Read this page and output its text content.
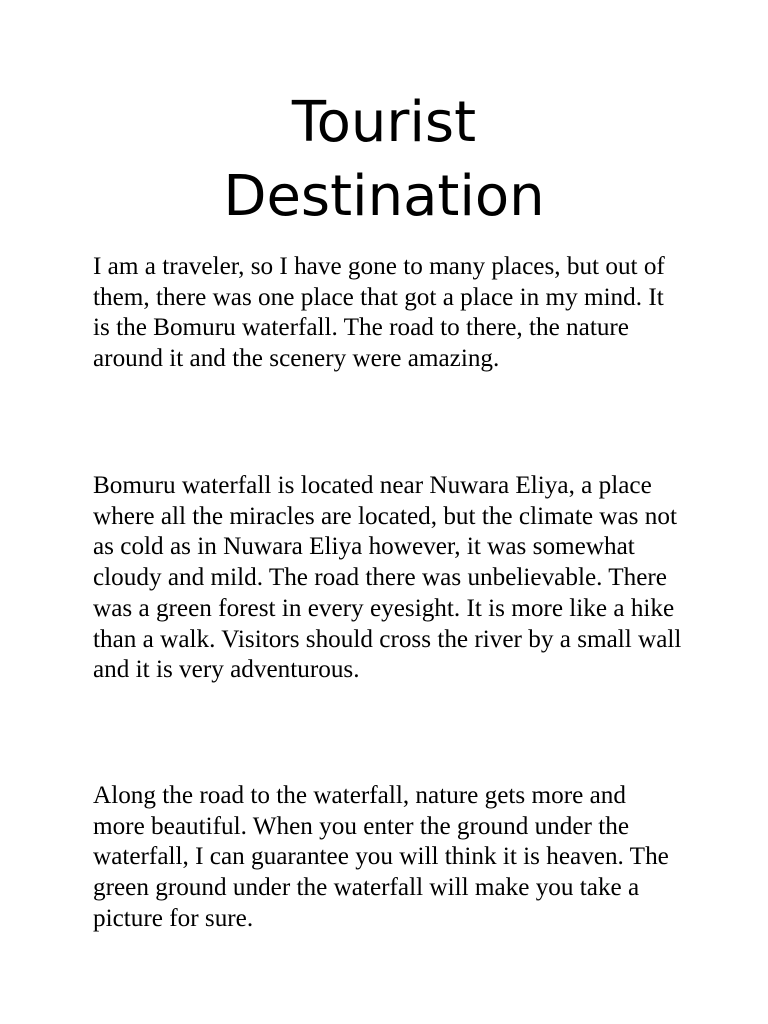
Tourist
Destination

I am a traveler, so I have gone to many places, but out of them, there was one place that got a place in my mind. It is the Bomuru waterfall. The road to there, the nature around it and the scenery were amazing.

Bomuru waterfall is located near Nuwara Eliya, a place where all the miracles are located, but the climate was not as cold as in Nuwara Eliya however, it was somewhat cloudy and mild. The road there was unbelievable. There was a green forest in every eyesight. It is more like a hike than a walk. Visitors should cross the river by a small wall and it is very adventurous.

Along the road to the waterfall, nature gets more and more beautiful. When you enter the ground under the waterfall, I can guarantee you will think it is heaven. The green ground under the waterfall will make you take a picture for sure.
